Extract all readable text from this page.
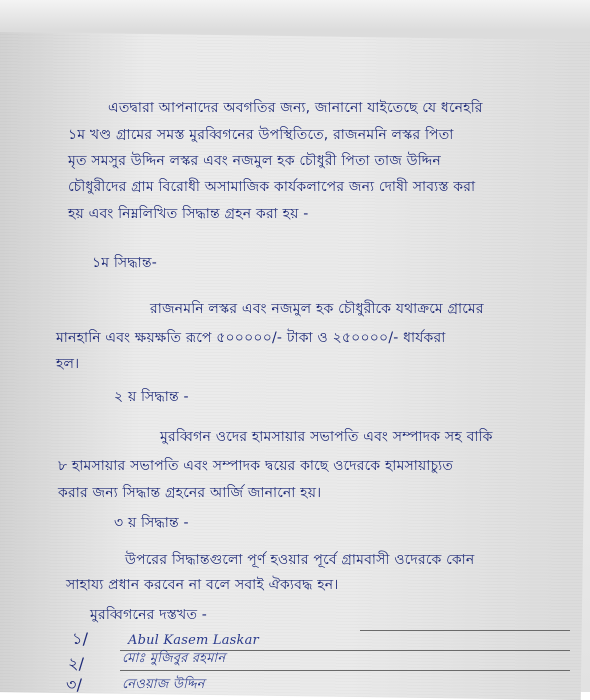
এতদ্বারা আপনাদের অবগতির জন্য, জানানো যাইতেছে যে ধনেহরি

১ম খণ্ড গ্রামের সমস্ত মুরব্বিগনের উপস্থিতিতে, রাজনমনি লস্কর পিতা

মৃত সমসুর উদ্দিন লস্কর এবং নজমুল হক চৌধুরী পিতা তাজ উদ্দিন

চৌধুরীদের গ্রাম বিরোধী অসামাজিক কার্যকলাপের জন্য দোষী সাব্যস্ত করা

হয় এবং নিম্নলিখিত সিদ্ধান্ত গ্রহন করা হয় -

১ম সিদ্ধান্ত-

রাজনমনি লস্কর এবং নজমুল হক চৌধুরীকে যথাক্রমে গ্রামের

মানহানি এবং ক্ষয়ক্ষতি রূপে ৫০০০০০/- টাকা ও ২৫০০০০/- ধার্যকরা

হল।

২ য় সিদ্ধান্ত -

মুরব্বিগন ওদের হামসায়ার সভাপতি এবং সম্পাদক সহ বাকি

৮ হামসায়ার সভাপতি এবং সম্পাদক দ্বয়ের কাছে ওদেরকে হামসায়াচ্যুত

করার জন্য সিদ্ধান্ত গ্রহনের আর্জি জানানো হয়।

৩ য় সিদ্ধান্ত -

উপরের সিদ্ধান্তগুলো পূর্ণ হওয়ার পূর্বে গ্রামবাসী ওদেরকে কোন

সাহায্য প্রধান করবেন না বলে সবাই ঐক্যবদ্ধ হন।

মুরব্বিগনের দস্তখত -

১/	Abul Kasem Laskar

২/	মোঃ মুজিবুর রহমান

৩/	নেওয়াজ উদ্দিন
